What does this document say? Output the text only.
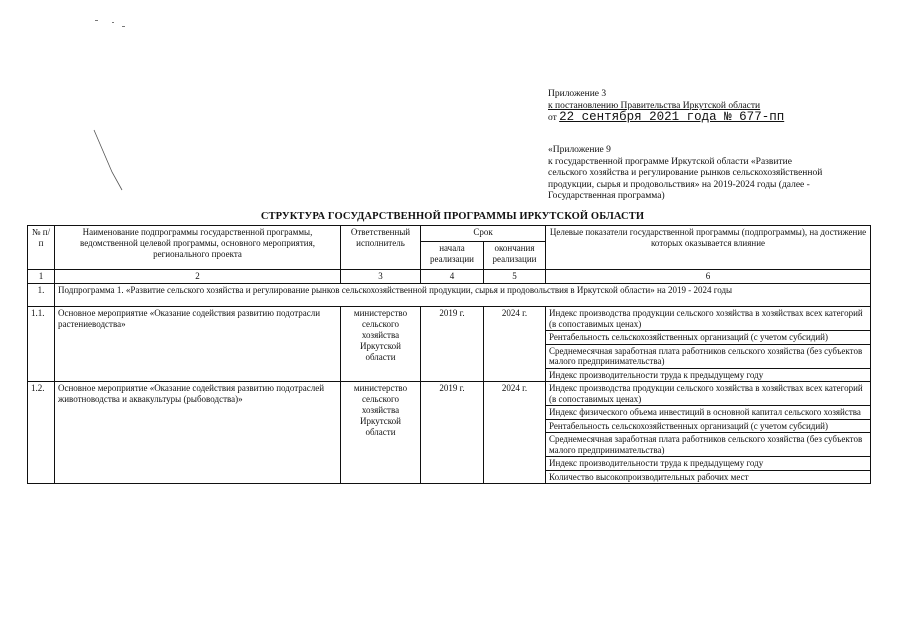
Приложение 3
к постановлению Правительства Иркутской области
от 22 сентября 2021 года № 677-пп
«Приложение 9
к государственной программе Иркутской области «Развитие
сельского хозяйства и регулирование рынков сельскохозяйственной
продукции, сырья и продовольствия» на 2019-2024 годы (далее -
Государственная программа)
СТРУКТУРА ГОСУДАРСТВЕННОЙ ПРОГРАММЫ ИРКУТСКОЙ ОБЛАСТИ
№ п/п	Наименование подпрограммы государственной программы, ведомственной целевой программы, основного мероприятия, регионального проекта	Ответственный исполнитель	Срок		Целевые показатели государственной программы (подпрограммы), на достижение которых оказывается влияние
			начала реализации	окончания реализации	
1	2	3	4	5	6
1.	Подпрограмма 1. «Развитие сельского хозяйства и регулирование рынков сельскохозяйственной продукции, сырья и продовольствия в Иркутской области» на 2019 - 2024 годы				
1.1.	Основное мероприятие «Оказание содействия развитию подотрасли растениеводства»	министерство сельского хозяйства Иркутской области	2019 г.	2024 г.	Индекс производства продукции сельского хозяйства в хозяйствах всех категорий (в сопоставимых ценах)
					Рентабельность сельскохозяйственных организаций (с учетом субсидий)
					Среднемесячная заработная плата работников сельского хозяйства (без субъектов малого предпринимательства)
					Индекс производительности труда к предыдущему году
1.2.	Основное мероприятие «Оказание содействия развитию подотраслей животноводства и аквакультуры (рыбоводства)»	министерство сельского хозяйства Иркутской области	2019 г.	2024 г.	Индекс производства продукции сельского хозяйства в хозяйствах всех категорий (в сопоставимых ценах)
					Индекс физического объема инвестиций в основной капитал сельского хозяйства
					Рентабельность сельскохозяйственных организаций (с учетом субсидий)
					Среднемесячная заработная плата работников сельского хозяйства (без субъектов малого предпринимательства)
					Индекс производительности труда к предыдущему году
					Количество высокопроизводительных рабочих мест
